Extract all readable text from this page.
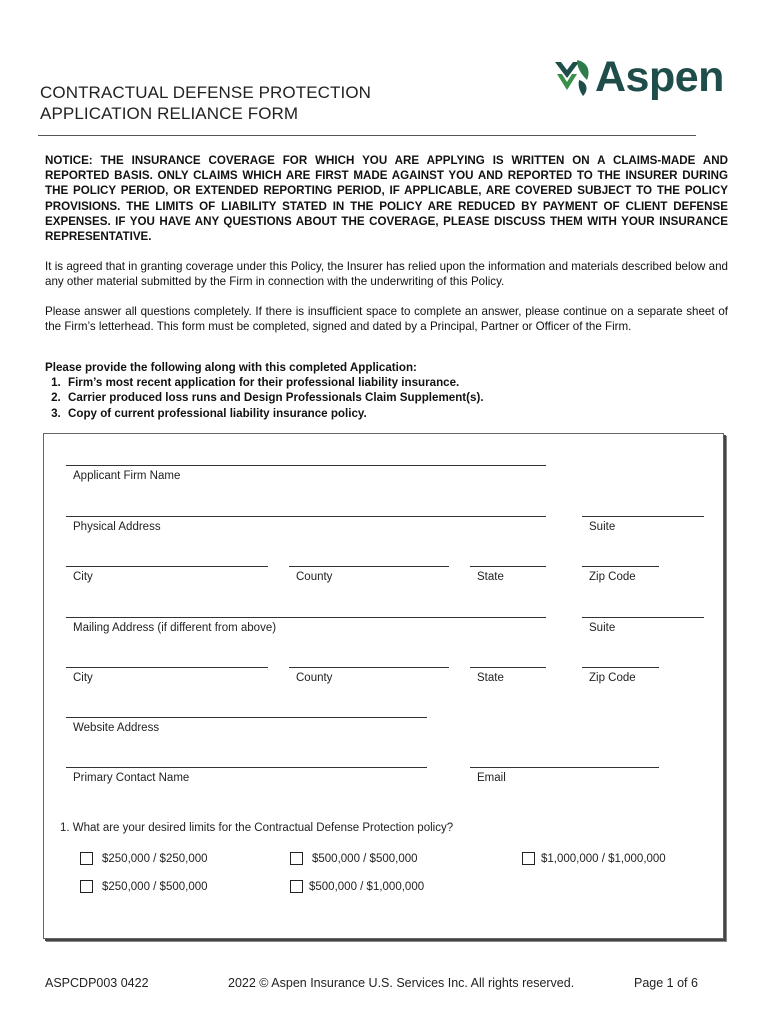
CONTRACTUAL DEFENSE PROTECTION
APPLICATION RELIANCE FORM
Aspen
NOTICE: THE INSURANCE COVERAGE FOR WHICH YOU ARE APPLYING IS WRITTEN ON A CLAIMS-MADE AND REPORTED BASIS. ONLY CLAIMS WHICH ARE FIRST MADE AGAINST YOU AND REPORTED TO THE INSURER DURING THE POLICY PERIOD, OR EXTENDED REPORTING PERIOD, IF APPLICABLE, ARE COVERED SUBJECT TO THE POLICY PROVISIONS. THE LIMITS OF LIABILITY STATED IN THE POLICY ARE REDUCED BY PAYMENT OF CLIENT DEFENSE EXPENSES. IF YOU HAVE ANY QUESTIONS ABOUT THE COVERAGE, PLEASE DISCUSS THEM WITH YOUR INSURANCE REPRESENTATIVE.
It is agreed that in granting coverage under this Policy, the Insurer has relied upon the information and materials described below and any other material submitted by the Firm in connection with the underwriting of this Policy.
Please answer all questions completely. If there is insufficient space to complete an answer, please continue on a separate sheet of the Firm’s letterhead. This form must be completed, signed and dated by a Principal, Partner or Officer of the Firm.
Please provide the following along with this completed Application:
1. Firm’s most recent application for their professional liability insurance.
2. Carrier produced loss runs and Design Professionals Claim Supplement(s).
3. Copy of current professional liability insurance policy.
Applicant Firm Name
Physical Address	Suite
City	County	State	Zip Code
Mailing Address (if different from above)	Suite
City	County	State	Zip Code
Website Address
Primary Contact Name	Email
1. What are your desired limits for the Contractual Defense Protection policy?
$250,000 / $250,000	$500,000 / $500,000	$1,000,000 / $1,000,000
$250,000 / $500,000	$500,000 / $1,000,000
ASPCDP003 0422	2022 © Aspen Insurance U.S. Services Inc. All rights reserved.	Page 1 of 6
